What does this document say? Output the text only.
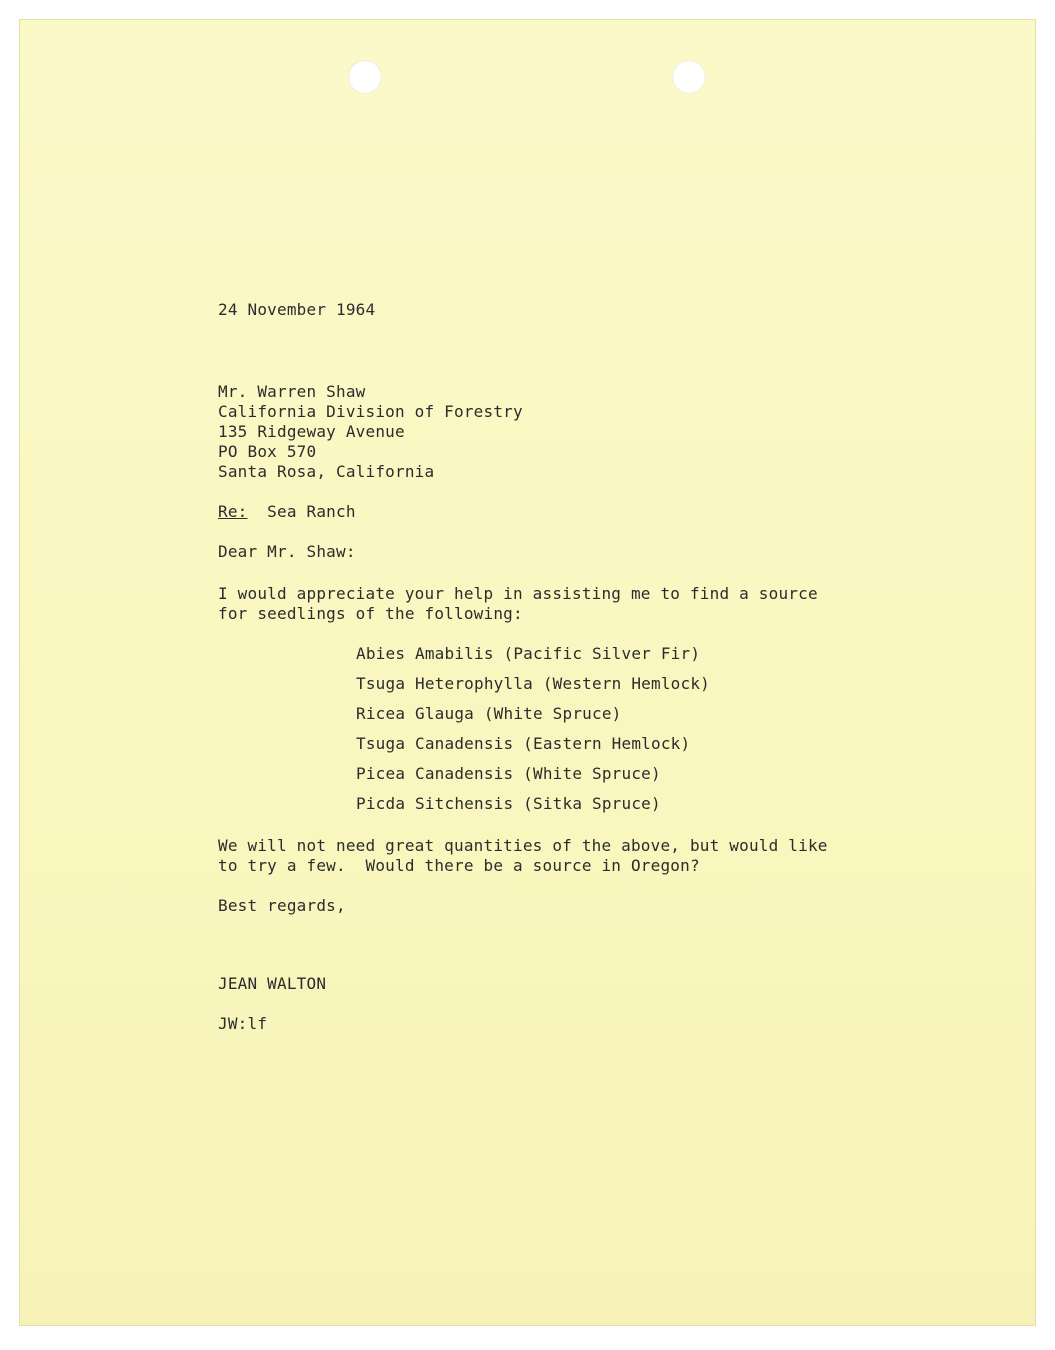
24 November 1964
Mr. Warren Shaw
California Division of Forestry
135 Ridgeway Avenue
PO Box 570
Santa Rosa, California
Re: Sea Ranch
Dear Mr. Shaw:
I would appreciate your help in assisting me to find a source
for seedlings of the following:
Abies Amabilis (Pacific Silver Fir)
Tsuga Heterophylla (Western Hemlock)
Ricea Glauga (White Spruce)
Tsuga Canadensis (Eastern Hemlock)
Picea Canadensis (White Spruce)
Picda Sitchensis (Sitka Spruce)
We will not need great quantities of the above, but would like
to try a few.  Would there be a source in Oregon?
Best regards,
JEAN WALTON
JW:lf
